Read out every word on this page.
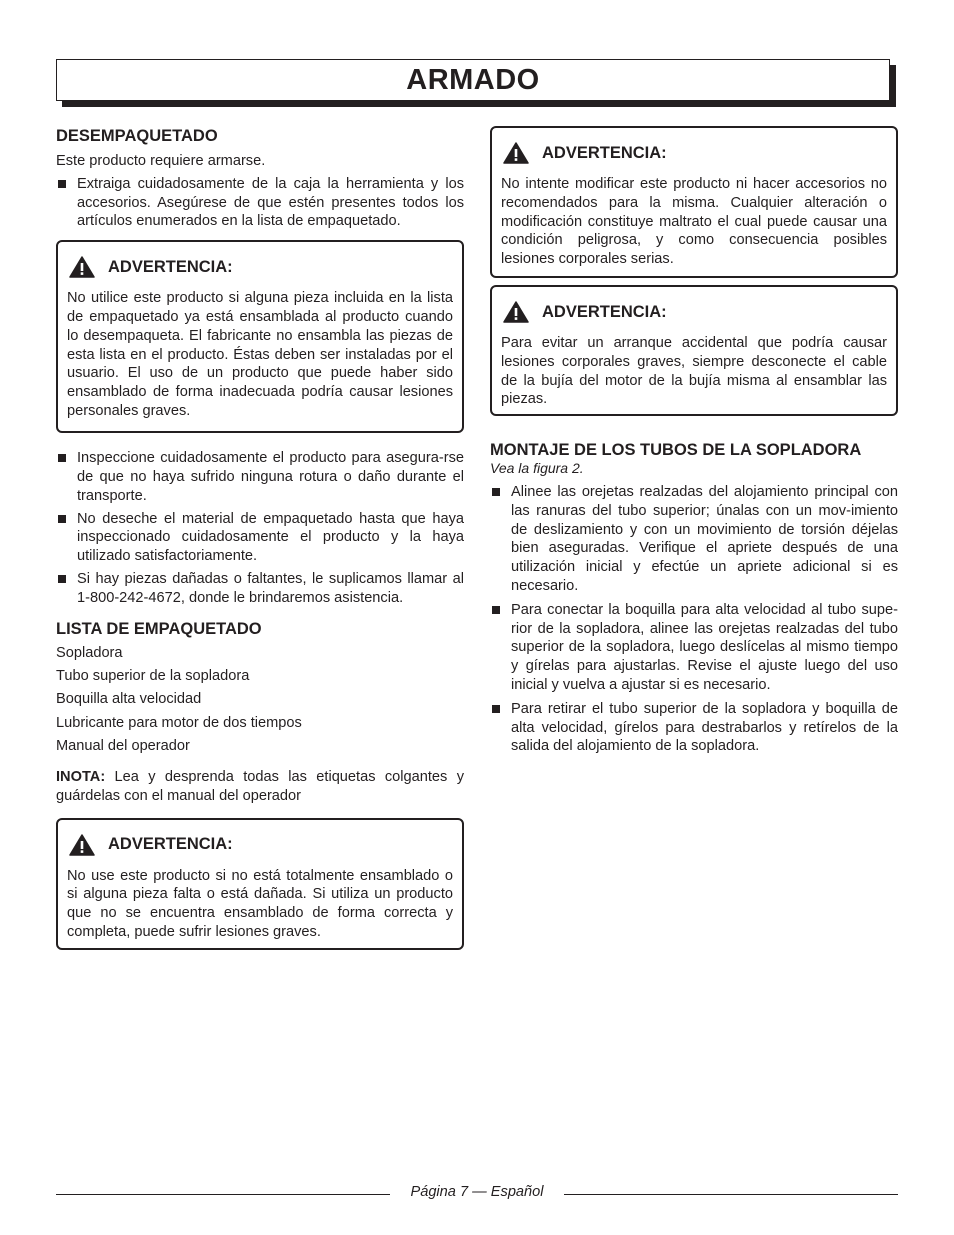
ARMADO
DESEMPAQUETADO

Este producto requiere armarse.

Extraiga cuidadosamente de la caja la herramienta y los accesorios. Asegúrese de que estén presentes todos los artículos enumerados en la lista de empaquetado.
ADVERTENCIA:

No utilice este producto si alguna pieza incluida en la lista de empaquetado ya está ensamblada al producto cuando lo desempaqueta. El fabricante no ensambla las piezas de esta lista en el producto. Éstas deben ser instaladas por el usuario. El uso de un producto que puede haber sido ensamblado de forma inadecuada podría causar lesiones personales graves.

Inspeccione cuidadosamente el producto para asegura-rse de que no haya sufrido ninguna rotura o daño durante el transporte.
No deseche el material de empaquetado hasta que haya inspeccionado cuidadosamente el producto y la haya utilizado satisfactoriamente.
Si hay piezas dañadas o faltantes, le suplicamos llamar al 1-800-242-4672, donde le brindaremos asistencia.
LISTA DE EMPAQUETADO

Sopladora

Tubo superior de la sopladora

Boquilla alta velocidad

Lubricante para motor de dos tiempos

Manual del operador

INOTA: Lea y desprenda todas las etiquetas colgantes y guárdelas con el manual del operador

ADVERTENCIA:

No use este producto si no está totalmente ensamblado o si alguna pieza falta o está dañada. Si utiliza un producto que no se encuentra ensamblado de forma correcta y completa, puede sufrir lesiones graves.

ADVERTENCIA:

No intente modificar este producto ni hacer accesorios no recomendados para la misma. Cualquier alteración o modificación constituye maltrato el cual puede causar una condición peligrosa, y como consecuencia posibles lesiones corporales serias.

ADVERTENCIA:

Para evitar un arranque accidental que podría causar lesiones corporales graves, siempre desconecte el cable de la bujía del motor de la bujía misma al ensamblar las piezas.

MONTAJE DE LOS TUBOS DE LA SOPLADORA

Vea la figura 2.

Alinee las orejetas realzadas del alojamiento principal con las ranuras del tubo superior; únalas con un mov-imiento de deslizamiento y con un movimiento de torsión déjelas bien aseguradas. Verifique el apriete después de una utilización inicial y efectúe un apriete adicional si es necesario.
Para conectar la boquilla para alta velocidad al tubo supe-rior de la sopladora, alinee las orejetas realzadas del tubo superior de la sopladora, luego deslícelas al mismo tiempo y gírelas para ajustarlas. Revise el ajuste luego del uso inicial y vuelva a ajustar si es necesario.
Para retirar el tubo superior de la sopladora y boquilla de alta velocidad, gírelos para destrabarlos y retírelos de la salida del alojamiento de la sopladora.
Página 7 — Español
